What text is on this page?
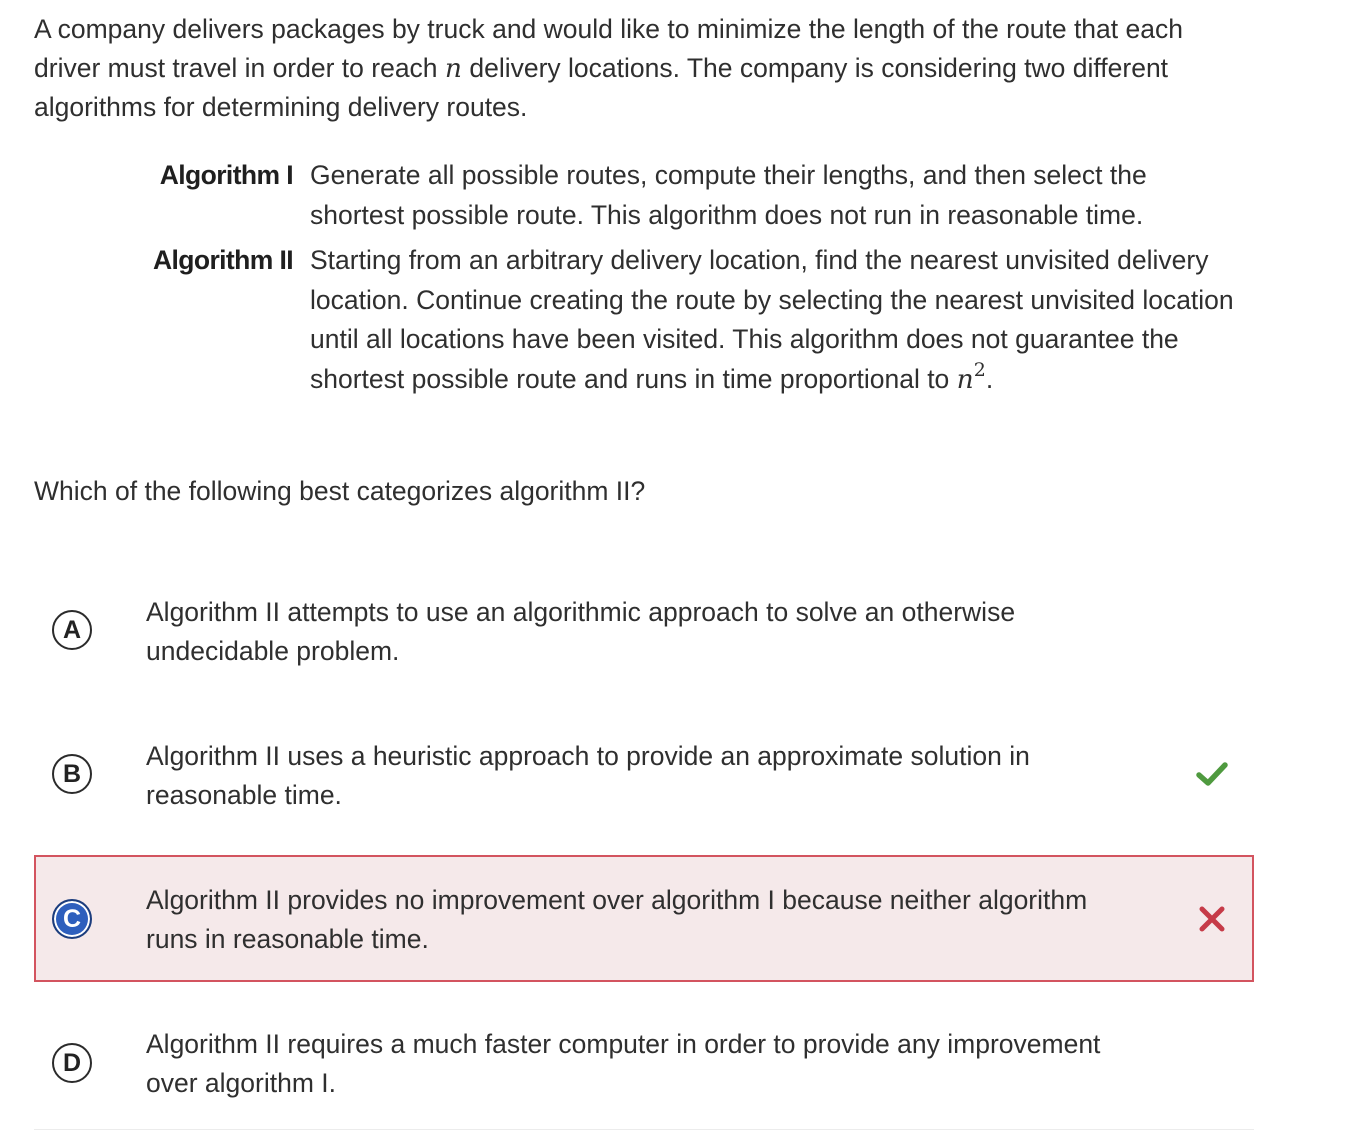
A company delivers packages by truck and would like to minimize the length of the route that each driver must travel in order to reach n delivery locations. The company is considering two different algorithms for determining delivery routes.

Algorithm I Generate all possible routes, compute their lengths, and then select the shortest possible route. This algorithm does not run in reasonable time.
Algorithm II Starting from an arbitrary delivery location, find the nearest unvisited delivery location. Continue creating the route by selecting the nearest unvisited location until all locations have been visited. This algorithm does not guarantee the shortest possible route and runs in time proportional to $n^2$.

Which of the following best categorizes algorithm II?

A
Algorithm II attempts to use an algorithmic approach to solve an otherwise undecidable problem.
B
Algorithm II uses a heuristic approach to provide an approximate solution in reasonable time.
C
Algorithm II provides no improvement over algorithm I because neither algorithm runs in reasonable time.
D
Algorithm II requires a much faster computer in order to provide any improvement over algorithm I.
